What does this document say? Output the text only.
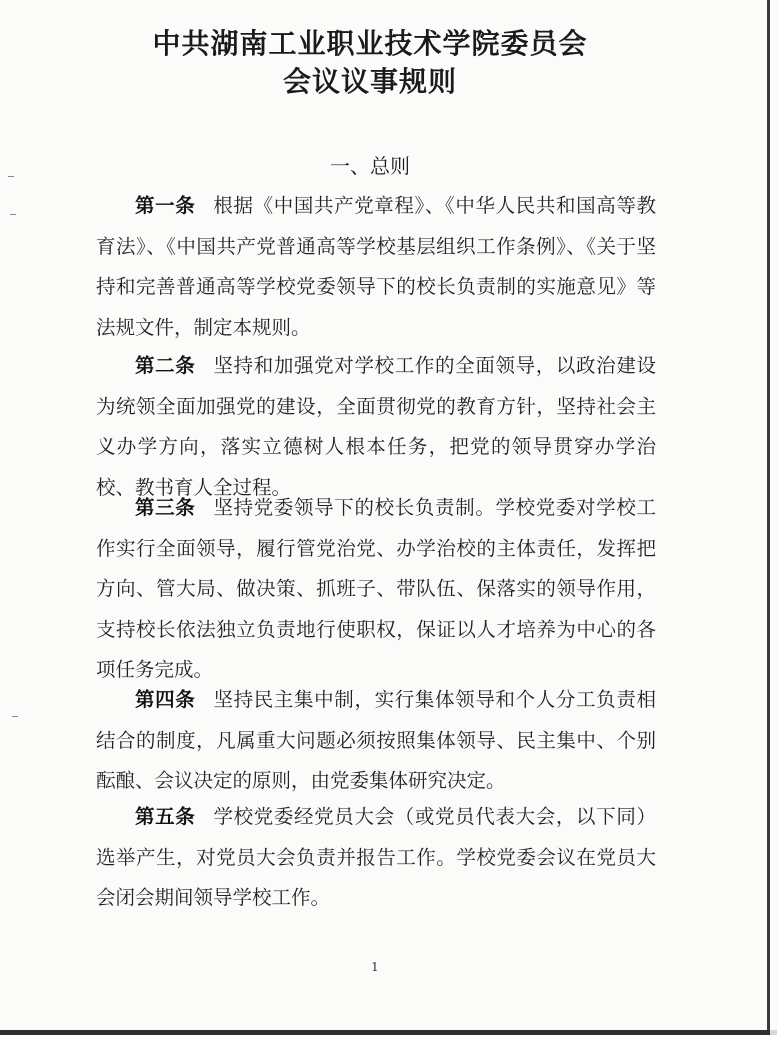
中共湖南工业职业技术学院委员会
会议议事规则
一、总则

第一条 根据《中国共产党章程》、《中华人民共和国高等教育法》、《中国共产党普通高等学校基层组织工作条例》、《关于坚持和完善普通高等学校党委领导下的校长负责制的实施意见》等法规文件，制定本规则。

第二条 坚持和加强党对学校工作的全面领导，以政治建设为统领全面加强党的建设，全面贯彻党的教育方针，坚持社会主义办学方向，落实立德树人根本任务，把党的领导贯穿办学治校、教书育人全过程。

第三条 坚持党委领导下的校长负责制。学校党委对学校工作实行全面领导，履行管党治党、办学治校的主体责任，发挥把方向、管大局、做决策、抓班子、带队伍、保落实的领导作用，支持校长依法独立负责地行使职权，保证以人才培养为中心的各项任务完成。

第四条 坚持民主集中制，实行集体领导和个人分工负责相结合的制度，凡属重大问题必须按照集体领导、民主集中、个别酝酿、会议决定的原则，由党委集体研究决定。

第五条 学校党委经党员大会（或党员代表大会，以下同）选举产生，对党员大会负责并报告工作。学校党委会议在党员大会闭会期间领导学校工作。

1
